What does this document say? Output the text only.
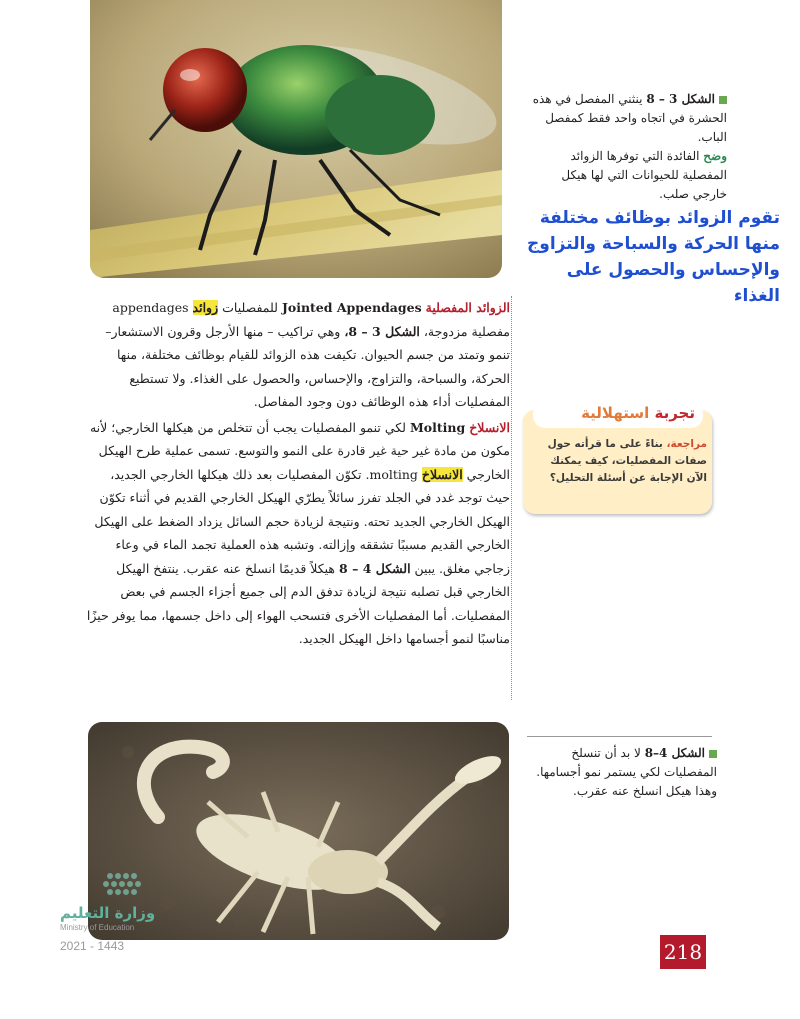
الشكل 3 – 8 ينثني المفصل في هذه الحشرة في اتجاه واحد فقط كمفصل الباب.
وضح الفائدة التي توفرها الزوائد المفصلية للحيوانات التي لها هيكل خارجي صلب.
تقوم الزوائد بوظائف مختلفة منها الحركة والسباحة والتزاوج والإحساس والحصول على الغذاء

الزوائد المفصلية Jointed Appendages للمفصليات زوائد appendages مفصلية مزدوجة، الشكل 3 – 8، وهي تراكيب – منها الأرجل وقرون الاستشعار– تنمو وتمتد من جسم الحيوان. تكيفت هذه الزوائد للقيام بوظائف مختلفة، منها الحركة، والسباحة، والتزاوج، والإحساس، والحصول على الغذاء. ولا تستطيع المفصليات أداء هذه الوظائف دون وجود المفاصل.

الانسلاخ Molting لكي تنمو المفصليات يجب أن تتخلص من هيكلها الخارجي؛ لأنه مكون من مادة غير حية غير قادرة على النمو والتوسع. تسمى عملية طرح الهيكل الخارجي الانسلاخ molting. تكوّن المفصليات بعد ذلك هيكلها الخارجي الجديد، حيث توجد غدد في الجلد تفرز سائلاً يطرّي الهيكل الخارجي القديم في أثناء تكوّن الهيكل الخارجي الجديد تحته. ونتيجة لزيادة حجم السائل يزداد الضغط على الهيكل الخارجي القديم مسببًا تشققه وإزالته. وتشبه هذه العملية تجمد الماء في وعاء زجاجي مغلق. يبين الشكل 4 – 8 هيكلاً قديمًا انسلخ عنه عقرب. ينتفخ الهيكل الخارجي قبل تصلبه نتيجة لزيادة تدفق الدم إلى جميع أجزاء الجسم في بعض المفصليات. أما المفصليات الأخرى فتسحب الهواء إلى داخل جسمها، مما يوفر حيزًا مناسبًا لنمو أجسامها داخل الهيكل الجديد.

تجربة استهلالية
مراجعة، بناءً على ما قرأته حول صفات المفصليات، كيف يمكنك الآن الإجابة عن أسئلة التحليل؟
الشكل 4–8 لا بد أن تنسلخ المفصليات لكي يستمر نمو أجسامها. وهذا هيكل انسلخ عنه عقرب.
وزارة التعليم
Ministry of Education
2021 - 1443	218
